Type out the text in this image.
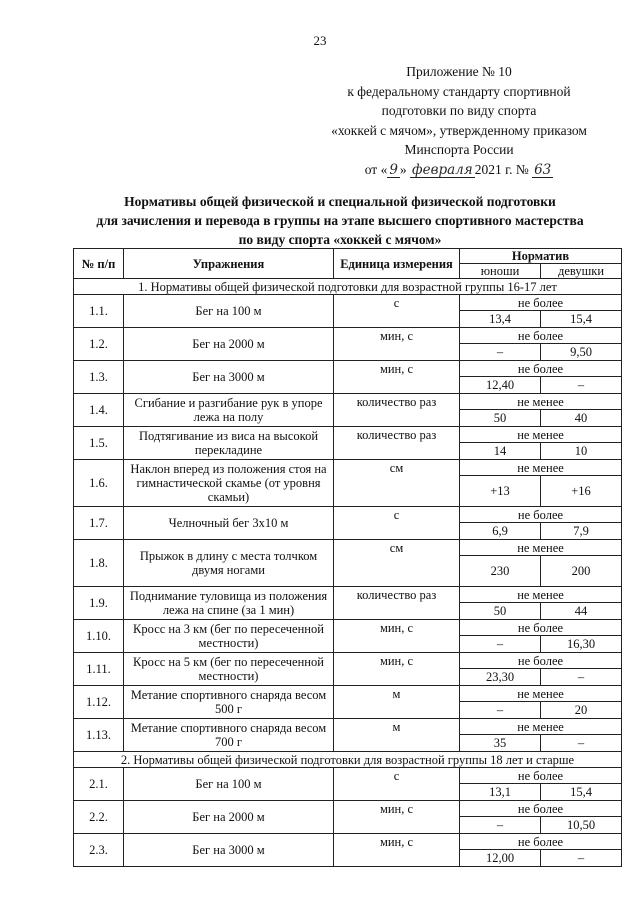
23
Приложение № 10
к федеральному стандарту спортивной
подготовки по виду спорта
«хоккей с мячом», утвержденному приказом
Минспорта России
от « 9 » февраля 2021 г. № 63
Нормативы общей физической и специальной физической подготовки
для зачисления и перевода в группы на этапе высшего спортивного мастерства
по виду спорта «хоккей с мячом»
№ п/п	Упражнения	Единица измерения	Норматив	
			юноши	девушки
1. Нормативы общей физической подготовки для возрастной группы 16-17 лет				
1.1.	Бег на 100 м	с	не более	
			13,4	15,4
1.2.	Бег на 2000 м	мин, с	не более	
			–	9,50
1.3.	Бег на 3000 м	мин, с	не более	
			12,40	–
1.4.	Сгибание и разгибание рук в упоре лежа на полу	количество раз	не менее	
			50	40
1.5.	Подтягивание из виса на высокой перекладине	количество раз	не менее	
			14	10
1.6.	Наклон вперед из положения стоя на гимнастической скамье (от уровня скамьи)	см	не менее	
			+13	+16
1.7.	Челночный бег 3х10 м	с	не более	
			6,9	7,9
1.8.	Прыжок в длину с места толчком двумя ногами	см	не менее	
			230	200
1.9.	Поднимание туловища из положения лежа на спине (за 1 мин)	количество раз	не менее	
			50	44
1.10.	Кросс на 3 км (бег по пересеченной местности)	мин, с	не более	
			–	16,30
1.11.	Кросс на 5 км (бег по пересеченной местности)	мин, с	не более	
			23,30	–
1.12.	Метание спортивного снаряда весом 500 г	м	не менее	
			–	20
1.13.	Метание спортивного снаряда весом 700 г	м	не менее	
			35	–
2. Нормативы общей физической подготовки для возрастной группы 18 лет и старше				
2.1.	Бег на 100 м	с	не более	
			13,1	15,4
2.2.	Бег на 2000 м	мин, с	не более	
			–	10,50
2.3.	Бег на 3000 м	мин, с	не более	
			12,00	–
